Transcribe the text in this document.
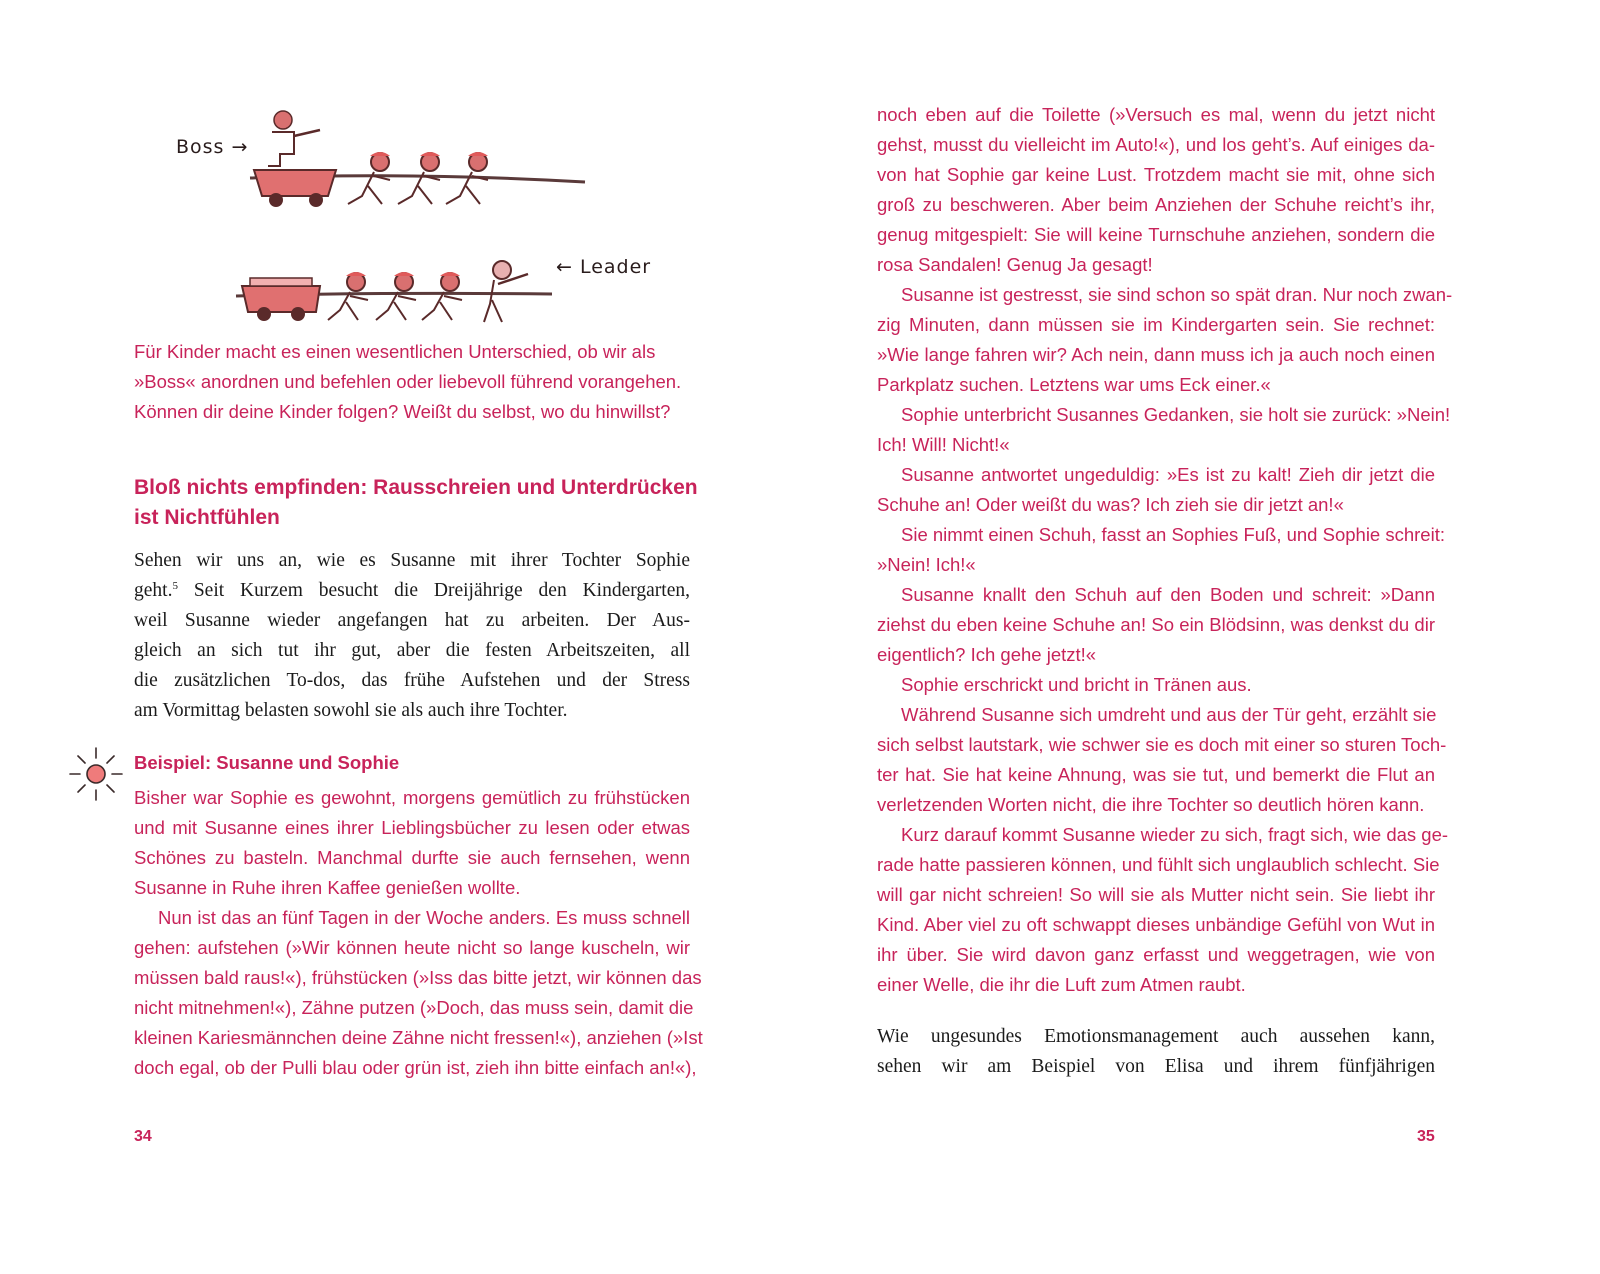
Boss →
← Leader
Für Kinder macht es einen wesentlichen Unterschied, ob wir als
»Boss« anordnen und befehlen oder liebevoll führend vorangehen.
Können dir deine Kinder folgen? Weißt du selbst, wo du hinwillst?
Bloß nichts empfinden: Rausschreien und Unterdrücken
ist Nichtfühlen
Sehen wir uns an, wie es Susanne mit ihrer Tochter Sophie
geht.$^5$ Seit Kurzem besucht die Dreijährige den Kindergarten,
weil Susanne wieder angefangen hat zu arbeiten. Der Aus-
gleich an sich tut ihr gut, aber die festen Arbeitszeiten, all
die zusätzlichen To-dos, das frühe Aufstehen und der Stress
am Vormittag belasten sowohl sie als auch ihre Tochter.
Beispiel: Susanne und Sophie
Bisher war Sophie es gewohnt, morgens gemütlich zu frühstücken
und mit Susanne eines ihrer Lieblingsbücher zu lesen oder etwas
Schönes zu basteln. Manchmal durfte sie auch fernsehen, wenn
Susanne in Ruhe ihren Kaffee genießen wollte.
Nun ist das an fünf Tagen in der Woche anders. Es muss schnell
gehen: aufstehen (»Wir können heute nicht so lange kuscheln, wir
müssen bald raus!«), frühstücken (»Iss das bitte jetzt, wir können das
nicht mitnehmen!«), Zähne putzen (»Doch, das muss sein, damit die
kleinen Kariesmännchen deine Zähne nicht fressen!«), anziehen (»Ist
doch egal, ob der Pulli blau oder grün ist, zieh ihn bitte einfach an!«),
34
noch eben auf die Toilette (»Versuch es mal, wenn du jetzt nicht
gehst, musst du vielleicht im Auto!«), und los geht’s. Auf einiges da-
von hat Sophie gar keine Lust. Trotzdem macht sie mit, ohne sich
groß zu beschweren. Aber beim Anziehen der Schuhe reicht’s ihr,
genug mitgespielt: Sie will keine Turnschuhe anziehen, sondern die
rosa Sandalen! Genug Ja gesagt!
Susanne ist gestresst, sie sind schon so spät dran. Nur noch zwan-
zig Minuten, dann müssen sie im Kindergarten sein. Sie rechnet:
»Wie lange fahren wir? Ach nein, dann muss ich ja auch noch einen
Parkplatz suchen. Letztens war ums Eck einer.«
Sophie unterbricht Susannes Gedanken, sie holt sie zurück: »Nein!
Ich! Will! Nicht!«
Susanne antwortet ungeduldig: »Es ist zu kalt! Zieh dir jetzt die
Schuhe an! Oder weißt du was? Ich zieh sie dir jetzt an!«
Sie nimmt einen Schuh, fasst an Sophies Fuß, und Sophie schreit:
»Nein! Ich!«
Susanne knallt den Schuh auf den Boden und schreit: »Dann
ziehst du eben keine Schuhe an! So ein Blödsinn, was denkst du dir
eigentlich? Ich gehe jetzt!«
Sophie erschrickt und bricht in Tränen aus.
Während Susanne sich umdreht und aus der Tür geht, erzählt sie
sich selbst lautstark, wie schwer sie es doch mit einer so sturen Toch-
ter hat. Sie hat keine Ahnung, was sie tut, und bemerkt die Flut an
verletzenden Worten nicht, die ihre Tochter so deutlich hören kann.
Kurz darauf kommt Susanne wieder zu sich, fragt sich, wie das ge-
rade hatte passieren können, und fühlt sich unglaublich schlecht. Sie
will gar nicht schreien! So will sie als Mutter nicht sein. Sie liebt ihr
Kind. Aber viel zu oft schwappt dieses unbändige Gefühl von Wut in
ihr über. Sie wird davon ganz erfasst und weggetragen, wie von
einer Welle, die ihr die Luft zum Atmen raubt.
Wie ungesundes Emotionsmanagement auch aussehen kann,
sehen wir am Beispiel von Elisa und ihrem fünfjährigen
35
